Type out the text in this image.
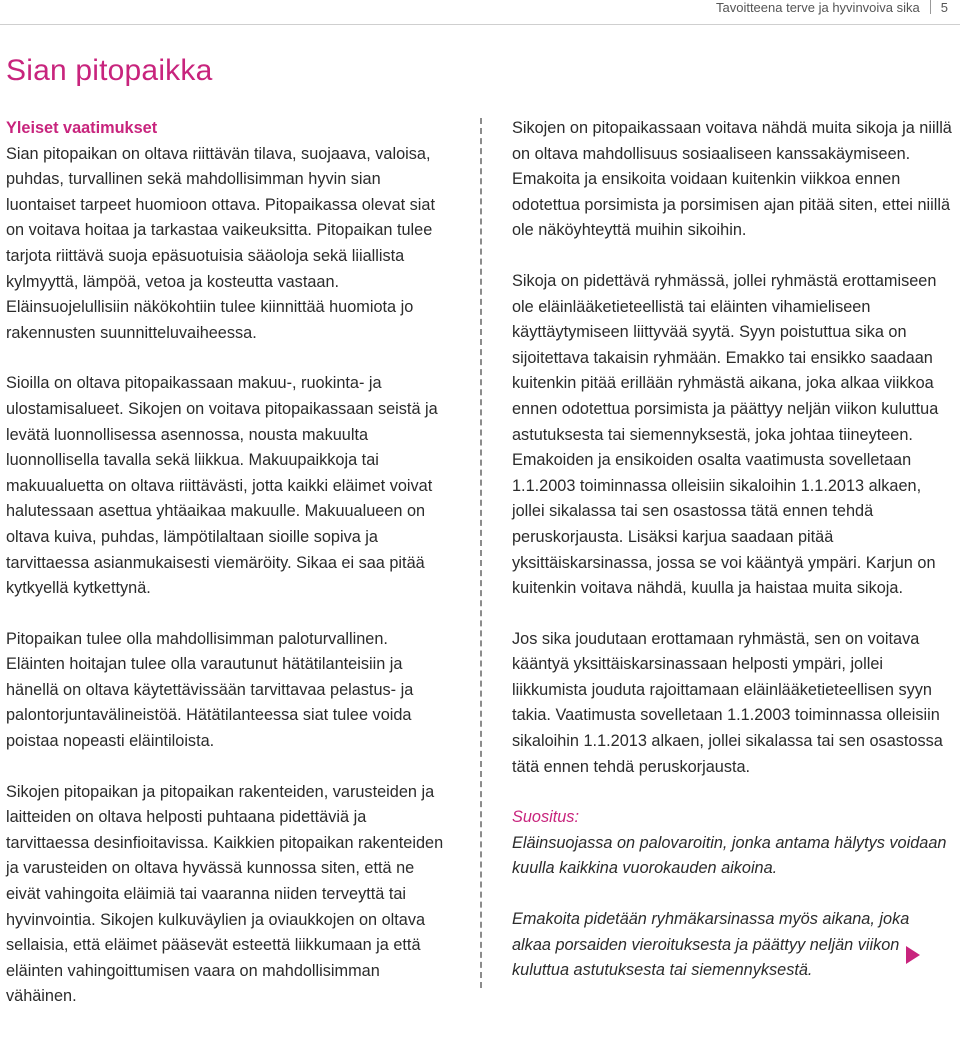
Tavoitteena terve ja hyvinvoiva sika 5
Sian pitopaikka

Yleiset vaatimukset

Sian pitopaikan on oltava riittävän tilava, suojaava, valoisa, puhdas, turvallinen sekä mahdollisimman hyvin sian luontaiset tarpeet huomioon ottava. Pitopaikassa olevat siat on voitava hoitaa ja tarkastaa vaikeuksitta. Pitopaikan tulee tarjota riittävä suoja epäsuotuisia sääoloja sekä liiallista kylmyyttä, lämpöä, vetoa ja kosteutta vastaan. Eläinsuojelullisiin näkökohtiin tulee kiinnittää huomiota jo rakennusten suunnitteluvaiheessa.

Sioilla on oltava pitopaikassaan makuu-, ruokinta- ja ulostamisalueet. Sikojen on voitava pitopaikassaan seistä ja levätä luonnollisessa asennossa, nousta makuulta luonnollisella tavalla sekä liikkua. Makuupaikkoja tai makuualuetta on oltava riittävästi, jotta kaikki eläimet voivat halutessaan asettua yhtäaikaa makuulle. Makuualueen on oltava kuiva, puhdas, lämpötilaltaan sioille sopiva ja tarvittaessa asianmukaisesti viemäröity. Sikaa ei saa pitää kytkyellä kytkettynä.

Pitopaikan tulee olla mahdollisimman paloturvallinen. Eläinten hoitajan tulee olla varautunut hätätilanteisiin ja hänellä on oltava käytettävissään tarvittavaa pelastus- ja palontorjuntavälineistöä. Hätätilanteessa siat tulee voida poistaa nopeasti eläintiloista.

Sikojen pitopaikan ja pitopaikan rakenteiden, varusteiden ja laitteiden on oltava helposti puhtaana pidettäviä ja tarvittaessa desinfioitavissa. Kaikkien pitopaikan rakenteiden ja varusteiden on oltava hyvässä kunnossa siten, että ne eivät vahingoita eläimiä tai vaaranna niiden terveyttä tai hyvinvointia. Sikojen kulkuväylien ja oviaukkojen on oltava sellaisia, että eläimet pääsevät esteettä liikkumaan ja että eläinten vahingoittumisen vaara on mahdollisimman vähäinen.

Sikojen on pitopaikassaan voitava nähdä muita sikoja ja niillä on oltava mahdollisuus sosiaaliseen kanssakäymiseen. Emakoita ja ensikoita voidaan kuitenkin viikkoa ennen odotettua porsimista ja porsimisen ajan pitää siten, ettei niillä ole näköyhteyttä muihin sikoihin.

Sikoja on pidettävä ryhmässä, jollei ryhmästä erottamiseen ole eläinlääketieteellistä tai eläinten vihamieliseen käyttäytymiseen liittyvää syytä. Syyn poistuttua sika on sijoitettava takaisin ryhmään. Emakko tai ensikko saadaan kuitenkin pitää erillään ryhmästä aikana, joka alkaa viikkoa ennen odotettua porsimista ja päättyy neljän viikon kuluttua astutuksesta tai siemennyksestä, joka johtaa tiineyteen. Emakoiden ja ensikoiden osalta vaatimusta sovelletaan 1.1.2003 toiminnassa olleisiin sikaloihin 1.1.2013 alkaen, jollei sikalassa tai sen osastossa tätä ennen tehdä peruskorjausta. Lisäksi karjua saadaan pitää yksittäiskarsinassa, jossa se voi kääntyä ympäri. Karjun on kuitenkin voitava nähdä, kuulla ja haistaa muita sikoja.

Jos sika joudutaan erottamaan ryhmästä, sen on voitava kääntyä yksittäiskarsinassaan helposti ympäri, jollei liikkumista jouduta rajoittamaan eläinlääketieteellisen syyn takia. Vaatimusta sovelletaan 1.1.2003 toiminnassa olleisiin sikaloihin 1.1.2013 alkaen, jollei sikalassa tai sen osastossa tätä ennen tehdä peruskorjausta.

Suositus:

Eläinsuojassa on palovaroitin, jonka antama hälytys voidaan kuulla kaikkina vuorokauden aikoina.

Emakoita pidetään ryhmäkarsinassa myös aikana, joka alkaa porsaiden vieroituksesta ja päättyy neljän viikon kuluttua astutuksesta tai siemennyksestä.
